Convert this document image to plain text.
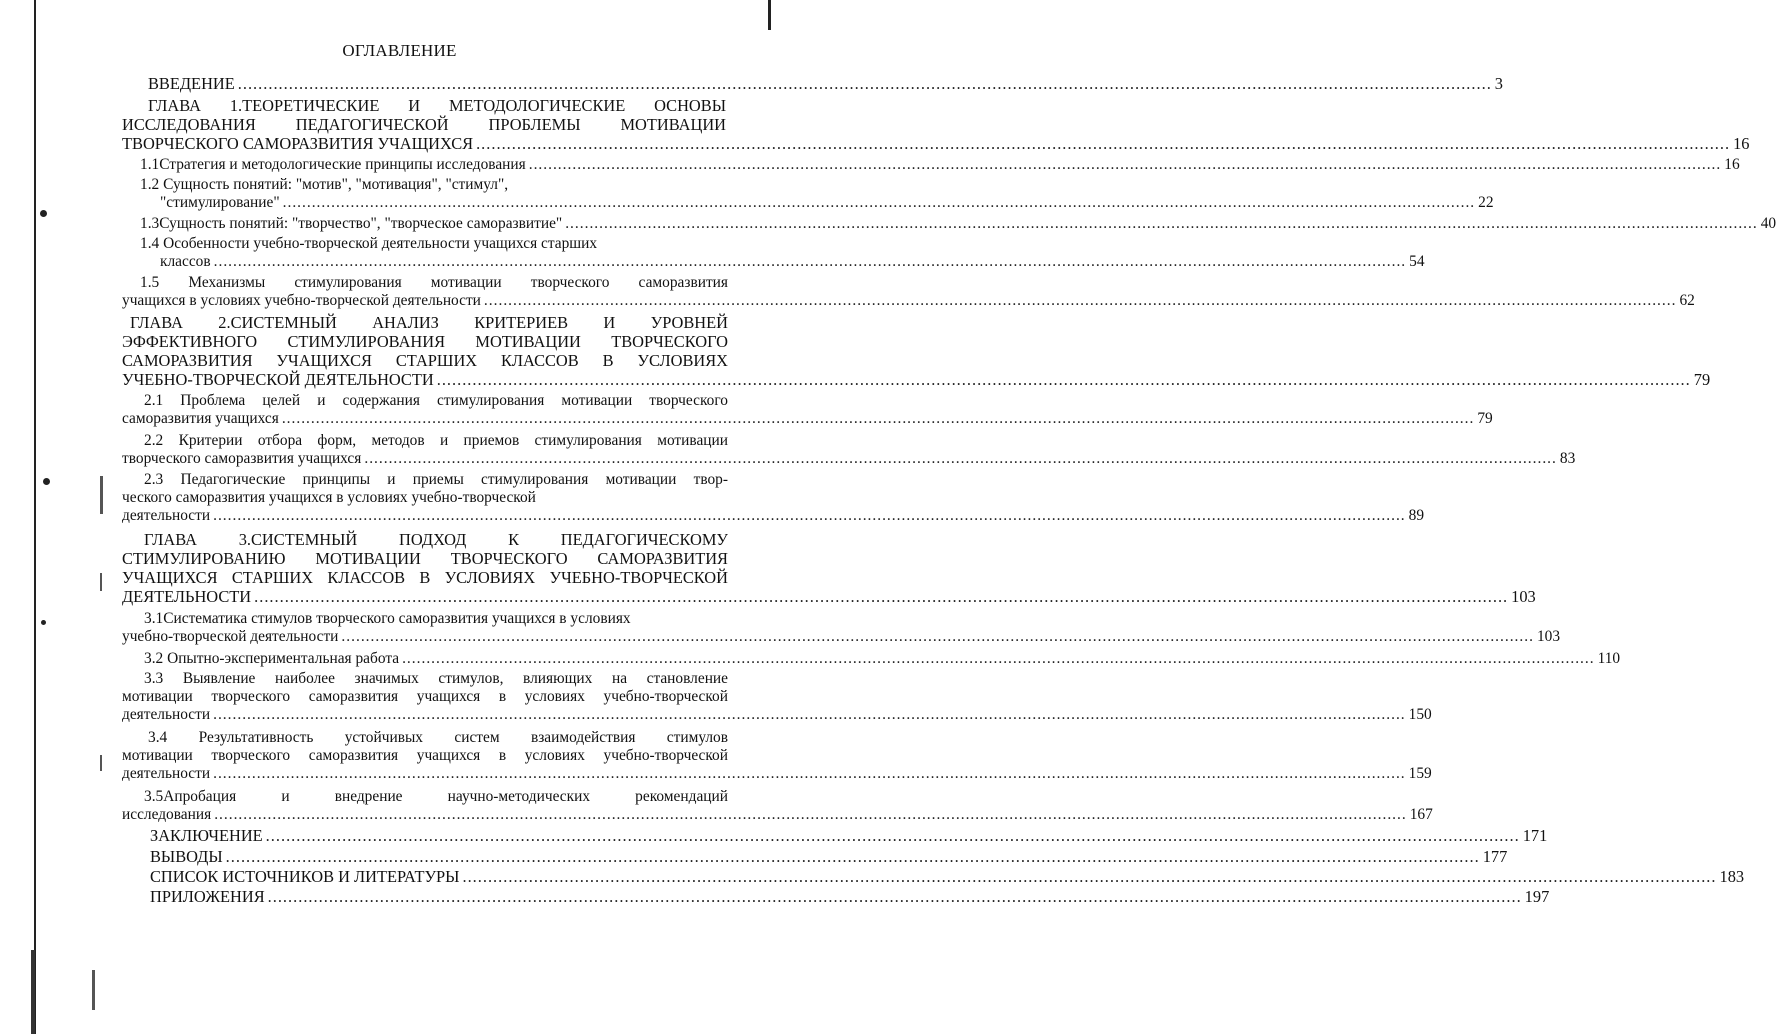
ОГЛАВЛЕНИЕ
ВВЕДЕНИЕ .....	3
ГЛАВА 1.ТЕОРЕТИЧЕСКИЕ И МЕТОДОЛОГИЧЕСКИЕ ОСНОВЫ
ИССЛЕДОВАНИЯ ПЕДАГОГИЧЕСКОЙ ПРОБЛЕМЫ МОТИВАЦИИ
ТВОРЧЕСКОГО САМОРАЗВИТИЯ УЧАЩИХСЯ .....	16
1.1Стратегия и методологические принципы исследования .....	16
1.2 Сущность понятий: "мотив", "мотивация", "стимул",
"стимулирование" .....	22
1.3Сущность понятий: "творчество", "творческое саморазвитие" .....	40
1.4 Особенности учебно-творческой деятельности учащихся старших
классов .....	54
1.5 Механизмы стимулирования мотивации творческого саморазвития
учащихся в условиях учебно-творческой деятельности .....	62
ГЛАВА 2.СИСТЕМНЫЙ АНАЛИЗ КРИТЕРИЕВ И УРОВНЕЙ
ЭФФЕКТИВНОГО СТИМУЛИРОВАНИЯ МОТИВАЦИИ ТВОРЧЕСКОГО
САМОРАЗВИТИЯ УЧАЩИХСЯ СТАРШИХ КЛАССОВ В УСЛОВИЯХ
УЧЕБНО-ТВОРЧЕСКОЙ ДЕЯТЕЛЬНОСТИ .....	79
2.1 Проблема целей и содержания стимулирования мотивации творческого
саморазвития учащихся .....	79
2.2 Критерии отбора форм, методов и приемов стимулирования мотивации
творческого саморазвития учащихся .....	83
2.3 Педагогические принципы и приемы стимулирования мотивации твор-
ческого саморазвития учащихся в условиях учебно-творческой
деятельности .....	89
ГЛАВА 3.СИСТЕМНЫЙ ПОДХОД К ПЕДАГОГИЧЕСКОМУ
СТИМУЛИРОВАНИЮ МОТИВАЦИИ ТВОРЧЕСКОГО САМОРАЗВИТИЯ
УЧАЩИХСЯ СТАРШИХ КЛАССОВ В УСЛОВИЯХ УЧЕБНО-ТВОРЧЕСКОЙ
ДЕЯТЕЛЬНОСТИ .....	103
3.1Систематика стимулов творческого саморазвития учащихся в условиях
учебно-творческой деятельности .....	103
3.2 Опытно-экспериментальная работа .....	110
3.3 Выявление наиболее значимых стимулов, влияющих на становление
мотивации творческого саморазвития учащихся в условиях учебно-творческой
деятельности .....	150
3.4 Результативность устойчивых систем взаимодействия стимулов
мотивации творческого саморазвития учащихся в условиях учебно-творческой
деятельности .....	159
3.5Апробация и внедрение научно-методических рекомендаций
исследования .....	167
ЗАКЛЮЧЕНИЕ .....	171
ВЫВОДЫ .....	177
СПИСОК ИСТОЧНИКОВ И ЛИТЕРАТУРЫ .....	183
ПРИЛОЖЕНИЯ .....	197
